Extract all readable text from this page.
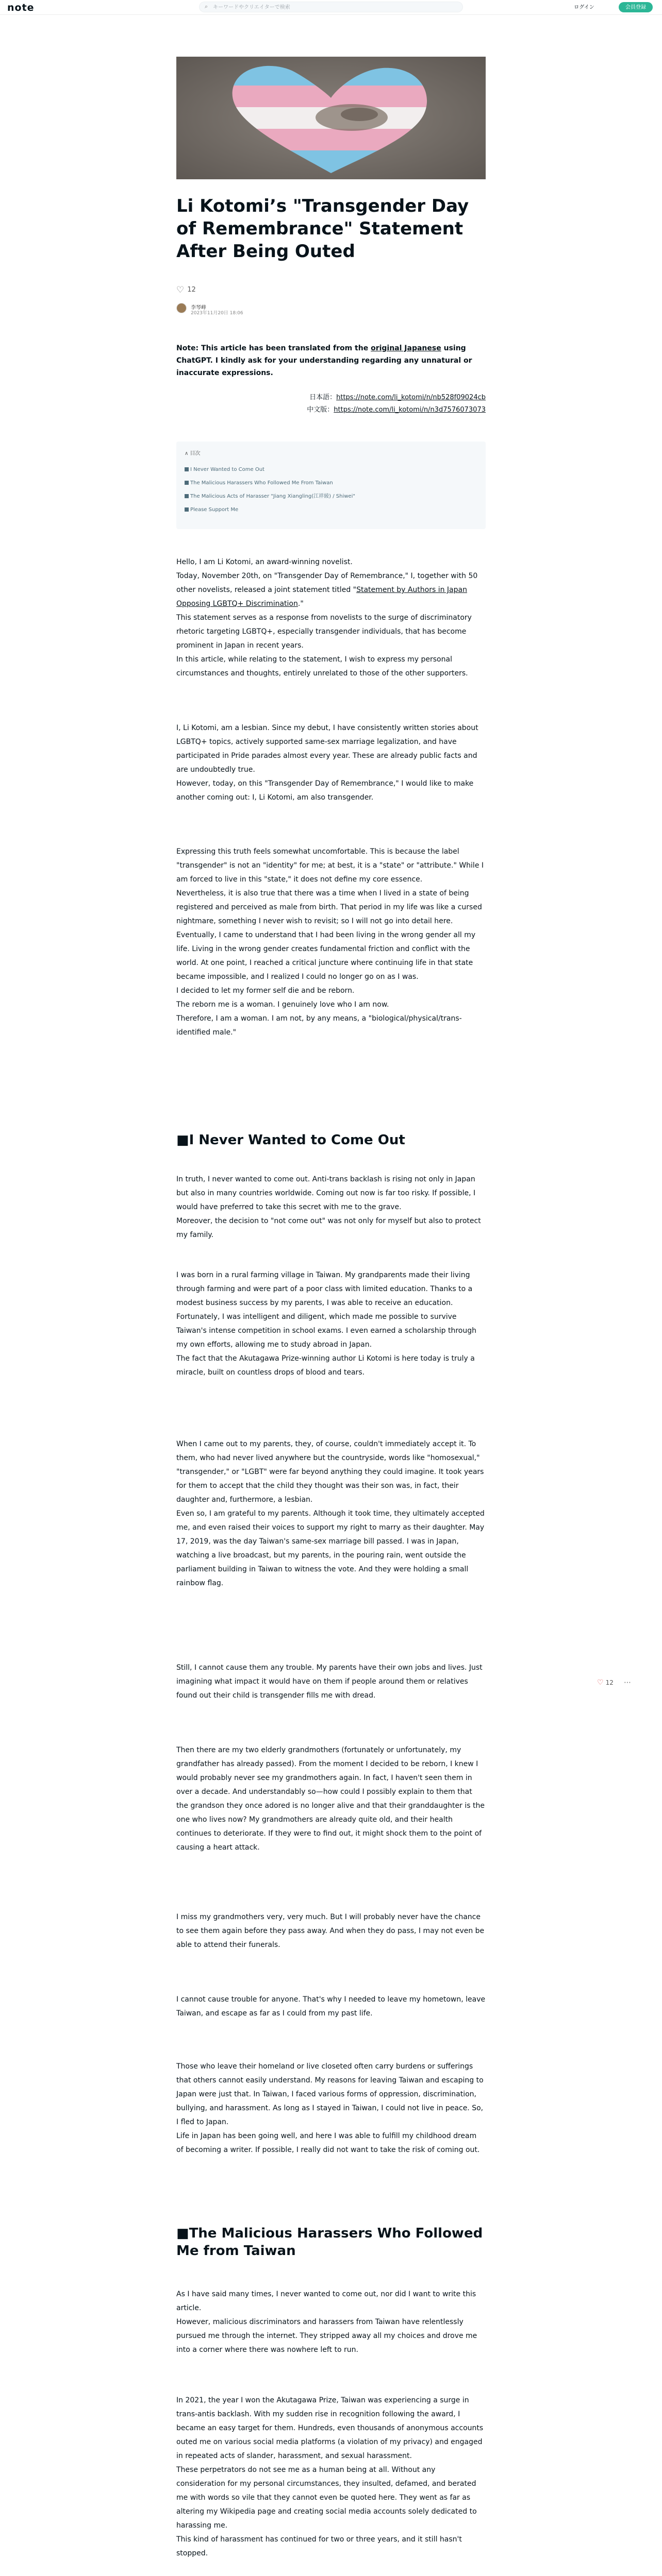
note	⌕
キーワードやクリエイターで検索	ログイン	会員登録
Li Kotomi’s "Transgender Day of Remembrance" Statement After Being Outed
♡ 12
李琴峰
2023年11月20日 18:06

Note: This article has been translated from the original Japanese using ChatGPT. I kindly ask for your understanding regarding any unnatural or inaccurate expressions.

日本語：https://note.com/li_kotomi/n/nb528f09024cb
中文版：https://note.com/li_kotomi/n/n3d7576073073
∧ 目次
I Never Wanted to Come Out
The Malicious Harassers Who Followed Me From Taiwan
The Malicious Acts of Harasser "Jiang Xiangling(江祥綾) / Shiwei"
Please Support Me
Hello, I am Li Kotomi, an award-winning novelist.
Today, November 20th, on "Transgender Day of Remembrance," I, together with 50 other novelists, released a joint statement titled "Statement by Authors in Japan Opposing LGBTQ+ Discrimination."
This statement serves as a response from novelists to the surge of discriminatory rhetoric targeting LGBTQ+, especially transgender individuals, that has become prominent in Japan in recent years.
In this article, while relating to the statement, I wish to express my personal circumstances and thoughts, entirely unrelated to those of the other supporters.
I, Li Kotomi, am a lesbian. Since my debut, I have consistently written stories about LGBTQ+ topics, actively supported same-sex marriage legalization, and have participated in Pride parades almost every year. These are already public facts and are undoubtedly true.
However, today, on this "Transgender Day of Remembrance," I would like to make another coming out: I, Li Kotomi, am also transgender.
Expressing this truth feels somewhat uncomfortable. This is because the label "transgender" is not an "identity" for me; at best, it is a "state" or "attribute." While I am forced to live in this "state," it does not define my core essence.
Nevertheless, it is also true that there was a time when I lived in a state of being registered and perceived as male from birth. That period in my life was like a cursed nightmare, something I never wish to revisit; so I will not go into detail here.
Eventually, I came to understand that I had been living in the wrong gender all my life. Living in the wrong gender creates fundamental friction and conflict with the world. At one point, I reached a critical juncture where continuing life in that state became impossible, and I realized I could no longer go on as I was.
I decided to let my former self die and be reborn.
The reborn me is a woman. I genuinely love who I am now.
Therefore, I am a woman. I am not, by any means, a "biological/physical/trans-identified male."
■I Never Wanted to Come Out
In truth, I never wanted to come out. Anti-trans backlash is rising not only in Japan but also in many countries worldwide. Coming out now is far too risky. If possible, I would have preferred to take this secret with me to the grave.
Moreover, the decision to "not come out" was not only for myself but also to protect my family.
I was born in a rural farming village in Taiwan. My grandparents made their living through farming and were part of a poor class with limited education. Thanks to a modest business success by my parents, I was able to receive an education. Fortunately, I was intelligent and diligent, which made me possible to survive Taiwan's intense competition in school exams. I even earned a scholarship through my own efforts, allowing me to study abroad in Japan.
The fact that the Akutagawa Prize-winning author Li Kotomi is here today is truly a miracle, built on countless drops of blood and tears.
When I came out to my parents, they, of course, couldn't immediately accept it. To them, who had never lived anywhere but the countryside, words like "homosexual," "transgender," or "LGBT" were far beyond anything they could imagine. It took years for them to accept that the child they thought was their son was, in fact, their daughter and, furthermore, a lesbian.
Even so, I am grateful to my parents. Although it took time, they ultimately accepted me, and even raised their voices to support my right to marry as their daughter. May 17, 2019, was the day Taiwan's same-sex marriage bill passed. I was in Japan, watching a live broadcast, but my parents, in the pouring rain, went outside the parliament building in Taiwan to witness the vote. And they were holding a small rainbow flag.
Still, I cannot cause them any trouble. My parents have their own jobs and lives. Just imagining what impact it would have on them if people around them or relatives found out their child is transgender fills me with dread.
Then there are my two elderly grandmothers (fortunately or unfortunately, my grandfather has already passed). From the moment I decided to be reborn, I knew I would probably never see my grandmothers again. In fact, I haven't seen them in over a decade. And understandably so—how could I possibly explain to them that the grandson they once adored is no longer alive and that their granddaughter is the one who lives now? My grandmothers are already quite old, and their health continues to deteriorate. If they were to find out, it might shock them to the point of causing a heart attack.
I miss my grandmothers very, very much. But I will probably never have the chance to see them again before they pass away. And when they do pass, I may not even be able to attend their funerals.
I cannot cause trouble for anyone. That's why I needed to leave my hometown, leave Taiwan, and escape as far as I could from my past life.
Those who leave their homeland or live closeted often carry burdens or sufferings that others cannot easily understand. My reasons for leaving Taiwan and escaping to Japan were just that. In Taiwan, I faced various forms of oppression, discrimination, bullying, and harassment. As long as I stayed in Taiwan, I could not live in peace. So, I fled to Japan.
Life in Japan has been going well, and here I was able to fulfill my childhood dream of becoming a writer. If possible, I really did not want to take the risk of coming out.
■The Malicious Harassers Who Followed Me from Taiwan
As I have said many times, I never wanted to come out, nor did I want to write this article.
However, malicious discriminators and harassers from Taiwan have relentlessly pursued me through the internet. They stripped away all my choices and drove me into a corner where there was nowhere left to run.
In 2021, the year I won the Akutagawa Prize, Taiwan was experiencing a surge in trans-antis backlash. With my sudden rise in recognition following the award, I became an easy target for them. Hundreds, even thousands of anonymous accounts outed me on various social media platforms (a violation of my privacy) and engaged in repeated acts of slander, harassment, and sexual harassment.
These perpetrators do not see me as a human being at all. Without any consideration for my personal circumstances, they insulted, defamed, and berated me with words so vile that they cannot even be quoted here. They went as far as altering my Wikipedia page and creating social media accounts solely dedicated to harassing me.
This kind of harassment has continued for two or three years, and it still hasn't stopped.
♡ 12 ⋯
